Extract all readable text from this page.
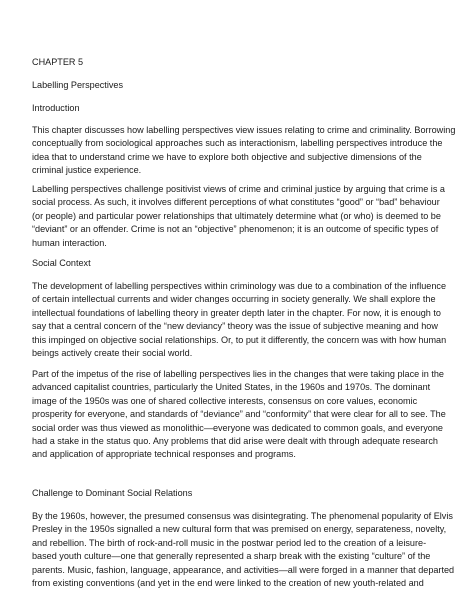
CHAPTER 5
Labelling Perspectives
Introduction
This chapter discusses how labelling perspectives view issues relating to crime and criminality. Borrowing
conceptually from sociological approaches such as interactionism, labelling perspectives introduce the
idea that to understand crime we have to explore both objective and subjective dimensions of the
criminal justice experience.
Labelling perspectives challenge positivist views of crime and criminal justice by arguing that crime is a
social process. As such, it involves different perceptions of what constitutes “good” or “bad” behaviour
(or people) and particular power relationships that ultimately determine what (or who) is deemed to be
“deviant” or an offender. Crime is not an “objective” phenomenon; it is an outcome of specific types of
human interaction.
Social Context
The development of labelling perspectives within criminology was due to a combination of the influence
of certain intellectual currents and wider changes occurring in society generally. We shall explore the
intellectual foundations of labelling theory in greater depth later in the chapter. For now, it is enough to
say that a central concern of the “new deviancy” theory was the issue of subjective meaning and how
this impinged on objective social relationships. Or, to put it differently, the concern was with how human
beings actively create their social world.
Part of the impetus of the rise of labelling perspectives lies in the changes that were taking place in the
advanced capitalist countries, particularly the United States, in the 1960s and 1970s. The dominant
image of the 1950s was one of shared collective interests, consensus on core values, economic
prosperity for everyone, and standards of “deviance” and “conformity” that were clear for all to see. The
social order was thus viewed as monolithic—everyone was dedicated to common goals, and everyone
had a stake in the status quo. Any problems that did arise were dealt with through adequate research
and application of appropriate technical responses and programs.
Challenge to Dominant Social Relations
By the 1960s, however, the presumed consensus was disintegrating. The phenomenal popularity of Elvis
Presley in the 1950s signalled a new cultural form that was premised on energy, separateness, novelty,
and rebellion. The birth of rock-and-roll music in the postwar period led to the creation of a leisure-
based youth culture—one that generally represented a sharp break with the existing “culture” of the
parents. Music, fashion, language, appearance, and activities—all were forged in a manner that departed
from existing conventions (and yet in the end were linked to the creation of new youth-related and
